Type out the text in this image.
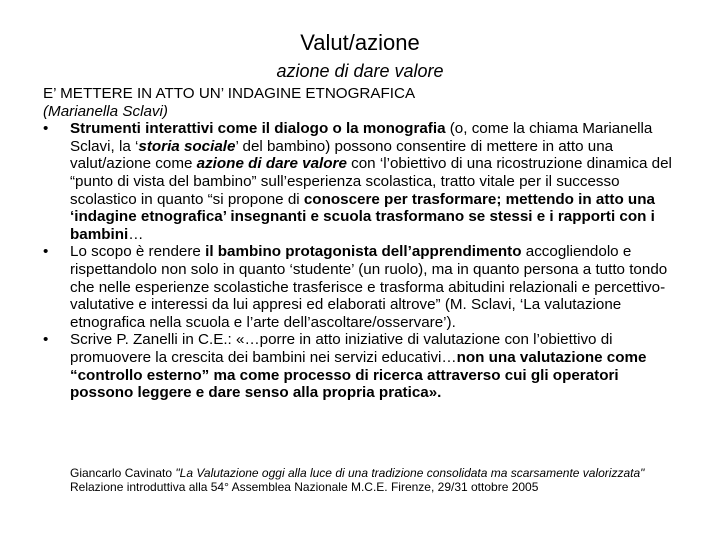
Valut/azione
azione di dare valore
E’ METTERE IN ATTO UN’ INDAGINE ETNOGRAFICA
(Marianella Sclavi)
• Strumenti interattivi come il dialogo o la monografia (o, come la chiama Marianella Sclavi, la ‘storia sociale’ del bambino) possono consentire di mettere in atto una valut/azione come azione di dare valore con ‘l’obiettivo di una ricostruzione dinamica del “punto di vista del bambino” sull’esperienza scolastica, tratto vitale per il successo scolastico in quanto “si propone di conoscere per trasformare; mettendo in atto una ‘indagine etnografica’ insegnanti e scuola trasformano se stessi e i rapporti con i bambini…
• Lo scopo è rendere il bambino protagonista dell’apprendimento accogliendolo e rispettandolo non solo in quanto ‘studente’ (un ruolo), ma in quanto persona a tutto tondo che nelle esperienze scolastiche trasferisce e trasforma abitudini relazionali e percettivo-valutative e interessi da lui appresi ed elaborati altrove” (M. Sclavi, ‘La valutazione etnografica nella scuola e l’arte dell’ascoltare/osservare’).
• Scrive P. Zanelli in C.E.: «…porre in atto iniziative di valutazione con l’obiettivo di promuovere la crescita dei bambini nei servizi educativi…non una valutazione come “controllo esterno” ma come processo di ricerca attraverso cui gli operatori possono leggere e dare senso alla propria pratica».
Giancarlo Cavinato "La Valutazione oggi alla luce di una tradizione consolidata ma scarsamente valorizzata" Relazione introduttiva alla 54° Assemblea Nazionale M.C.E. Firenze, 29/31 ottobre 2005
